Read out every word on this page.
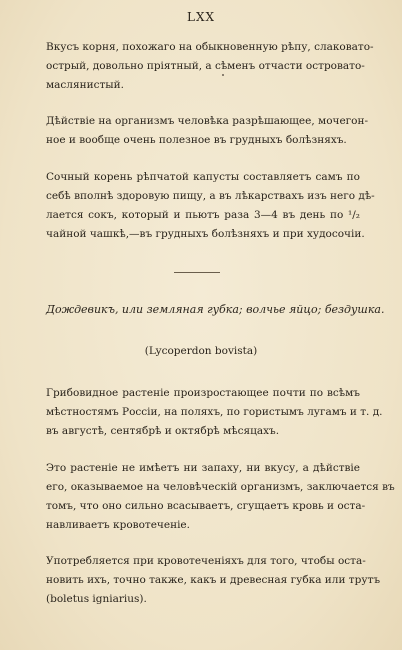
LXX
Вкусъ корня, похожаго на обыкновенную рѣпу, слаковато-
острый, довольно пріятный, а сѣменъ отчасти островато-
маслянистый.
Дѣйствіе на организмъ человѣка разрѣшающее, мочегон-
ное и вообще очень полезное въ грудныхъ болѣзняхъ.
Сочный корень рѣпчатой капусты составляетъ самъ по
себѣ вполнѣ здоровую пищу, а въ лѣкарствахъ изъ него дѣ-
лается сокъ, который и пьютъ раза 3—4 въ день по ¹/₂
чайной чашкѣ,—въ грудныхъ болѣзняхъ и при худосочіи.
Дождевикъ, или земляная губка; волчье яйцо; бездушка.
(Lycoperdon bovista)
Грибовидное растеніе произростающее почти по всѣмъ
мѣстностямъ Россіи, на поляхъ, по гористымъ лугамъ и т. д.
въ августѣ, сентябрѣ и октябрѣ мѣсяцахъ.
Это растеніе не имѣетъ ни запаху, ни вкусу, а дѣйствіе
его, оказываемое на человѣческій организмъ, заключается въ
томъ, что оно сильно всасываетъ, сгущаетъ кровь и оста-
навливаетъ кровотеченіе.
Употребляется при кровотеченіяхъ для того, чтобы оста-
новить ихъ, точно также, какъ и древесная губка или трутъ
(boletus igniarius).
